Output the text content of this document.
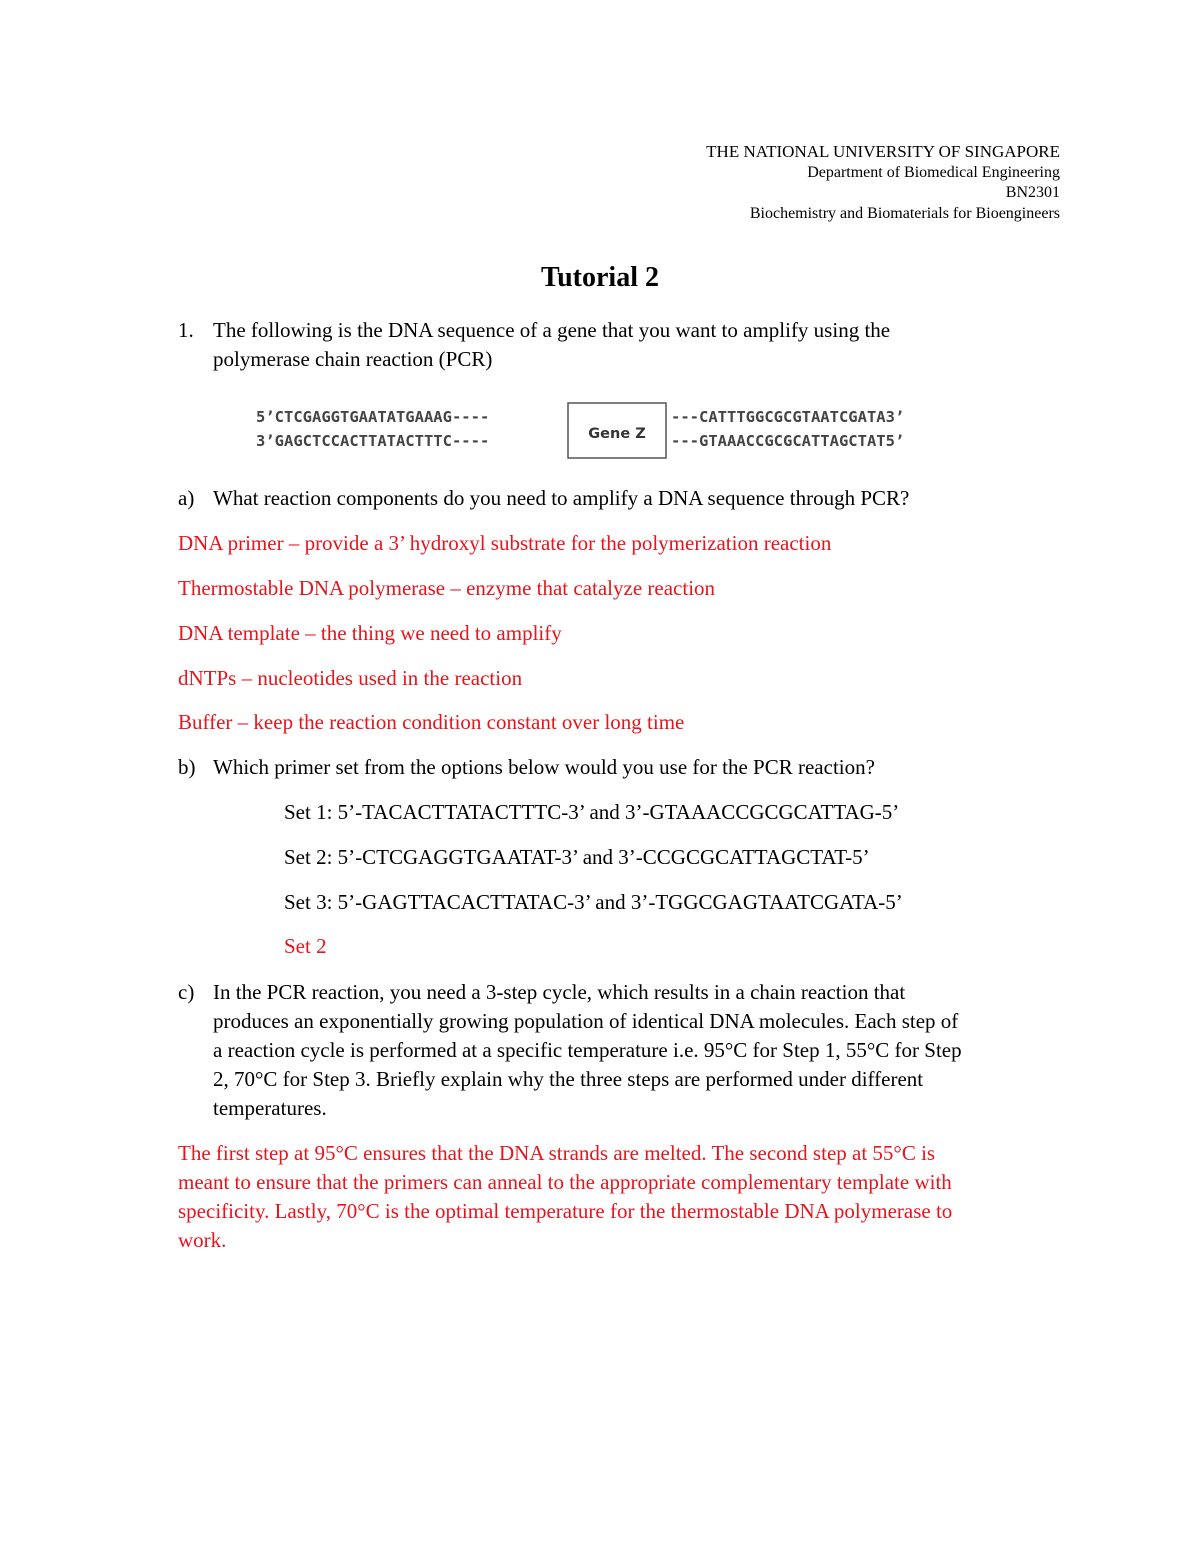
THE NATIONAL UNIVERSITY OF SINGAPORE
Department of Biomedical Engineering
BN2301
Biochemistry and Biomaterials for Bioengineers
Tutorial 2
1. The following is the DNA sequence of a gene that you want to amplify using the
polymerase chain reaction (PCR)
5’CTCGAGGTGAATATGAAAG----
3’GAGCTCCACTTATACTTTC----	Gene Z
---CATTTGGCGCGTAATCGATA3’
---GTAAACCGCGCATTAGCTAT5’
a) What reaction components do you need to amplify a DNA sequence through PCR?
DNA primer – provide a 3’ hydroxyl substrate for the polymerization reaction
Thermostable DNA polymerase – enzyme that catalyze reaction
DNA template – the thing we need to amplify
dNTPs – nucleotides used in the reaction
Buffer – keep the reaction condition constant over long time
b) Which primer set from the options below would you use for the PCR reaction?
Set 1: 5’-TACACTTATACTTTC-3’ and 3’-GTAAACCGCGCATTAG-5’
Set 2: 5’-CTCGAGGTGAATAT-3’ and 3’-CCGCGCATTAGCTAT-5’
Set 3: 5’-GAGTTACACTTATAC-3’ and 3’-TGGCGAGTAATCGATA-5’
Set 2
c) In the PCR reaction, you need a 3-step cycle, which results in a chain reaction that
produces an exponentially growing population of identical DNA molecules. Each step of
a reaction cycle is performed at a specific temperature i.e. 95°C for Step 1, 55°C for Step
2, 70°C for Step 3. Briefly explain why the three steps are performed under different
temperatures.
The first step at 95°C ensures that the DNA strands are melted. The second step at 55°C is
meant to ensure that the primers can anneal to the appropriate complementary template with
specificity. Lastly, 70°C is the optimal temperature for the thermostable DNA polymerase to
work.
